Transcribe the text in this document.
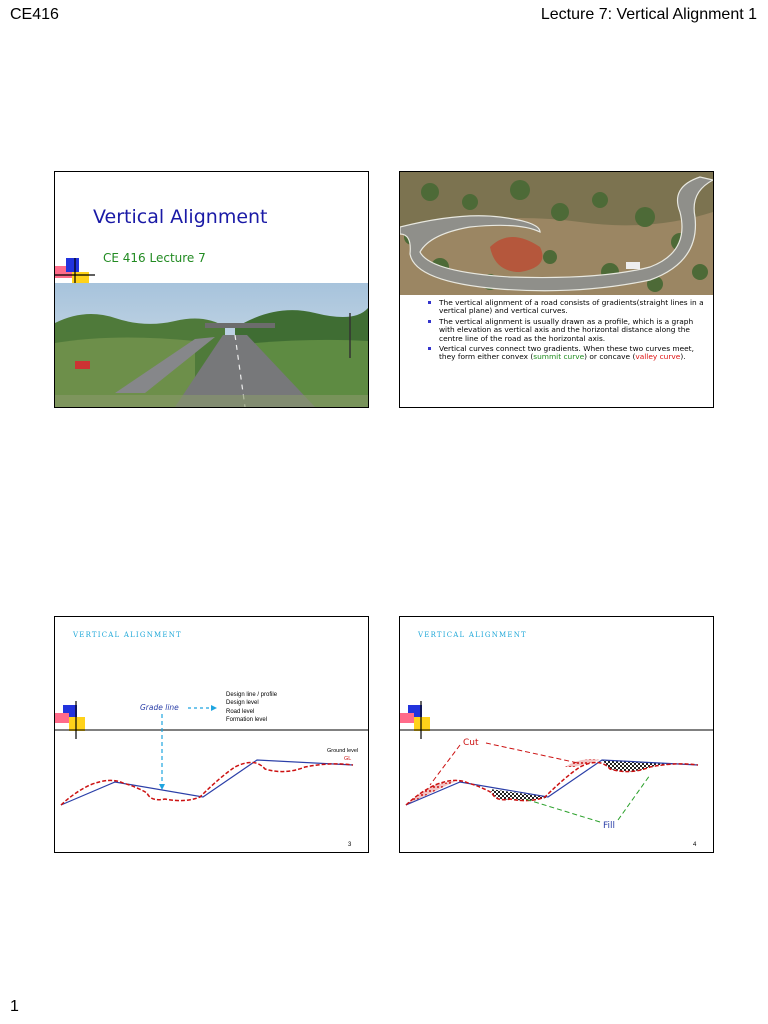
CE416	Lecture 7: Vertical Alignment 1
Vertical Alignment
CE 416 Lecture 7
The vertical alignment of a road consists of gradients(straight lines in a vertical plane) and vertical curves.
The vertical alignment is usually drawn as a profile, which is a graph with elevation as vertical axis and the horizontal distance along the centre line of the road as the horizontal axis.
Vertical curves connect two gradients. When these two curves meet, they form either convex (summit curve) or concave (valley curve).
VERTICAL ALIGNMENT
Grade line
Design line / profile Design level Road level Formation level
Ground level
GL
3
VERTICAL ALIGNMENT
Cut
Fill
4
1
